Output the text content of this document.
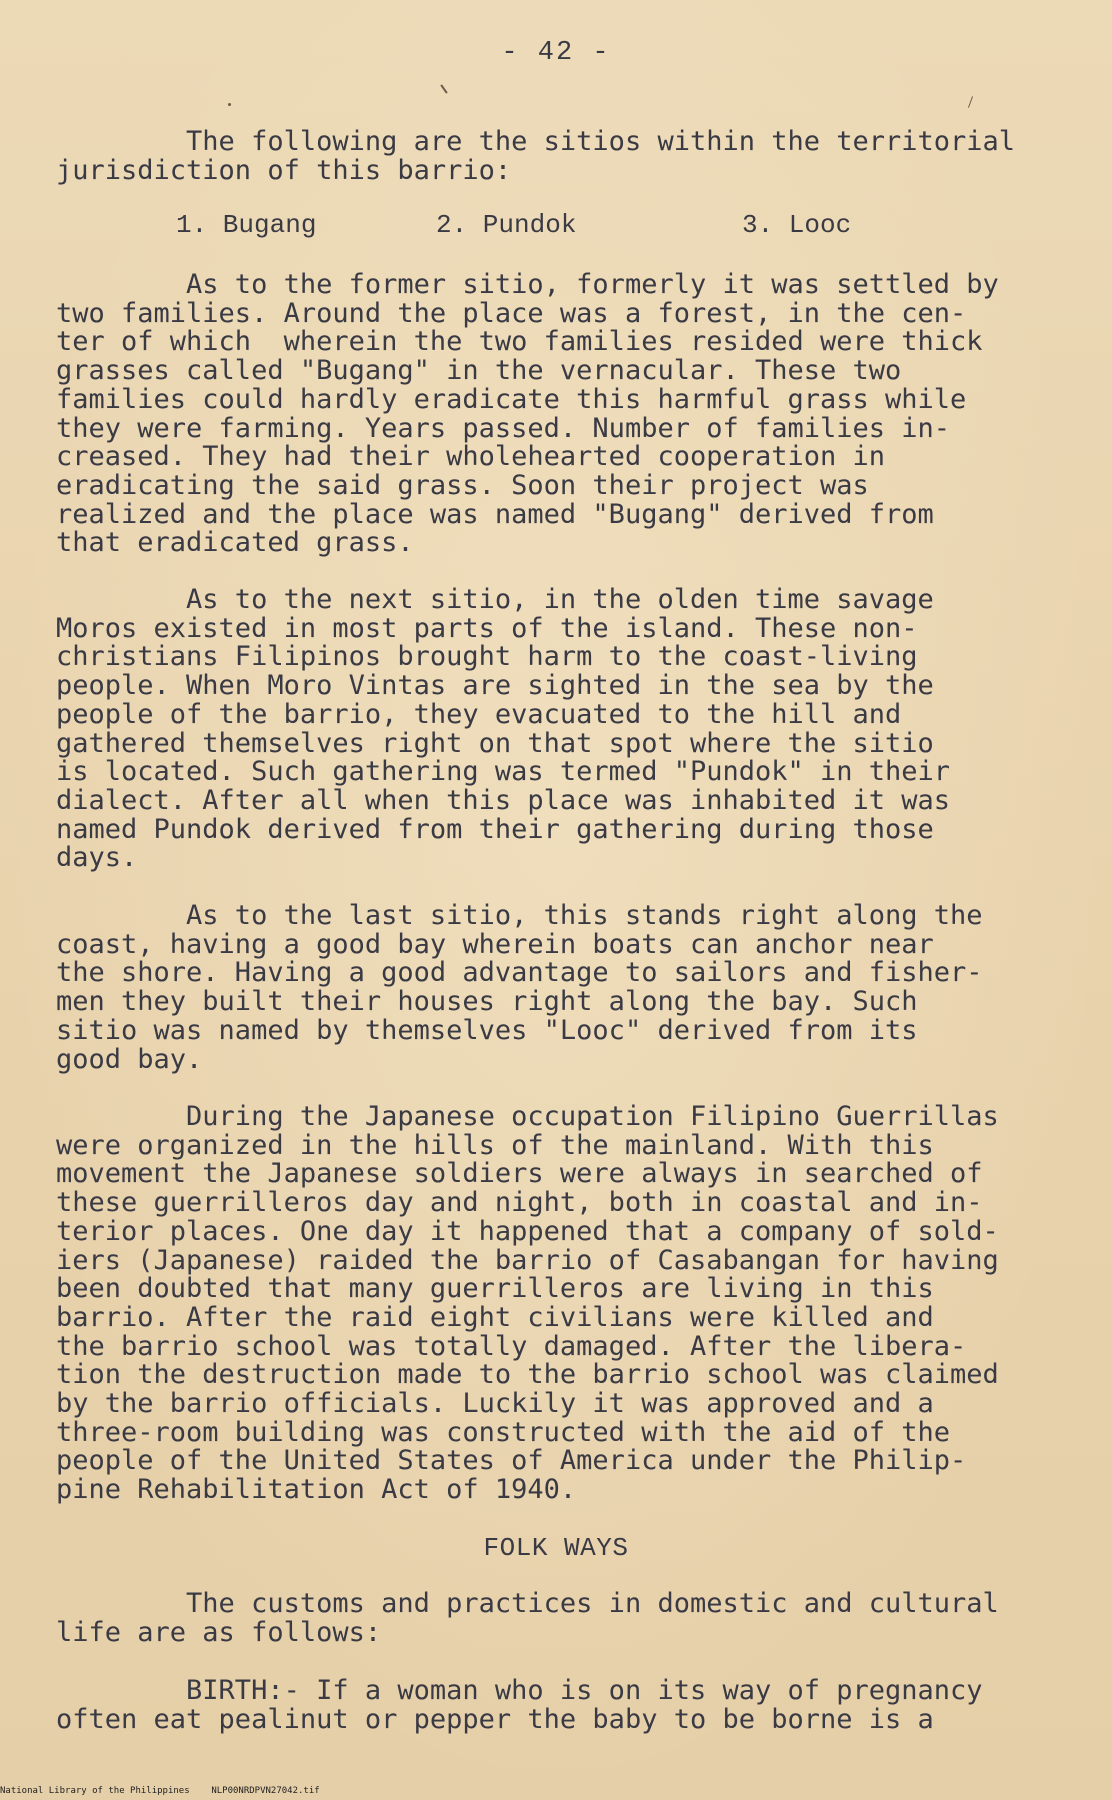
- 42 -
The following are the sitios within the territorial
jurisdiction of this barrio:
1. Bugang	2. Pundok	3. Looc
As to the former sitio, formerly it was settled by
two families. Around the place was a forest, in the cen-
ter of which  wherein the two families resided were thick
grasses called "Bugang" in the vernacular. These two
families could hardly eradicate this harmful grass while
they were farming. Years passed. Number of families in-
creased. They had their wholehearted cooperation in
eradicating the said grass. Soon their project was
realized and the place was named "Bugang" derived from
that eradicated grass.
As to the next sitio, in the olden time savage
Moros existed in most parts of the island. These non-
christians Filipinos brought harm to the coast-living
people. When Moro Vintas are sighted in the sea by the
people of the barrio, they evacuated to the hill and
gathered themselves right on that spot where the sitio
is located. Such gathering was termed "Pundok" in their
dialect. After all when this place was inhabited it was
named Pundok derived from their gathering during those
days.
As to the last sitio, this stands right along the
coast, having a good bay wherein boats can anchor near
the shore. Having a good advantage to sailors and fisher-
men they built their houses right along the bay. Such
sitio was named by themselves "Looc" derived from its
good bay.
During the Japanese occupation Filipino Guerrillas
were organized in the hills of the mainland. With this
movement the Japanese soldiers were always in searched of
these guerrilleros day and night, both in coastal and in-
terior places. One day it happened that a company of sold-
iers (Japanese) raided the barrio of Casabangan for having
been doubted that many guerrilleros are living in this
barrio. After the raid eight civilians were killed and
the barrio school was totally damaged. After the libera-
tion the destruction made to the barrio school was claimed
by the barrio officials. Luckily it was approved and a
three-room building was constructed with the aid of the
people of the United States of America under the Philip-
pine Rehabilitation Act of 1940.
FOLK WAYS
The customs and practices in domestic and cultural
life are as follows:
BIRTH:- If a woman who is on its way of pregnancy
often eat pealinut or pepper the baby to be borne is a
National Library of the Philippines    NLP00NRDPVN27042.tif
